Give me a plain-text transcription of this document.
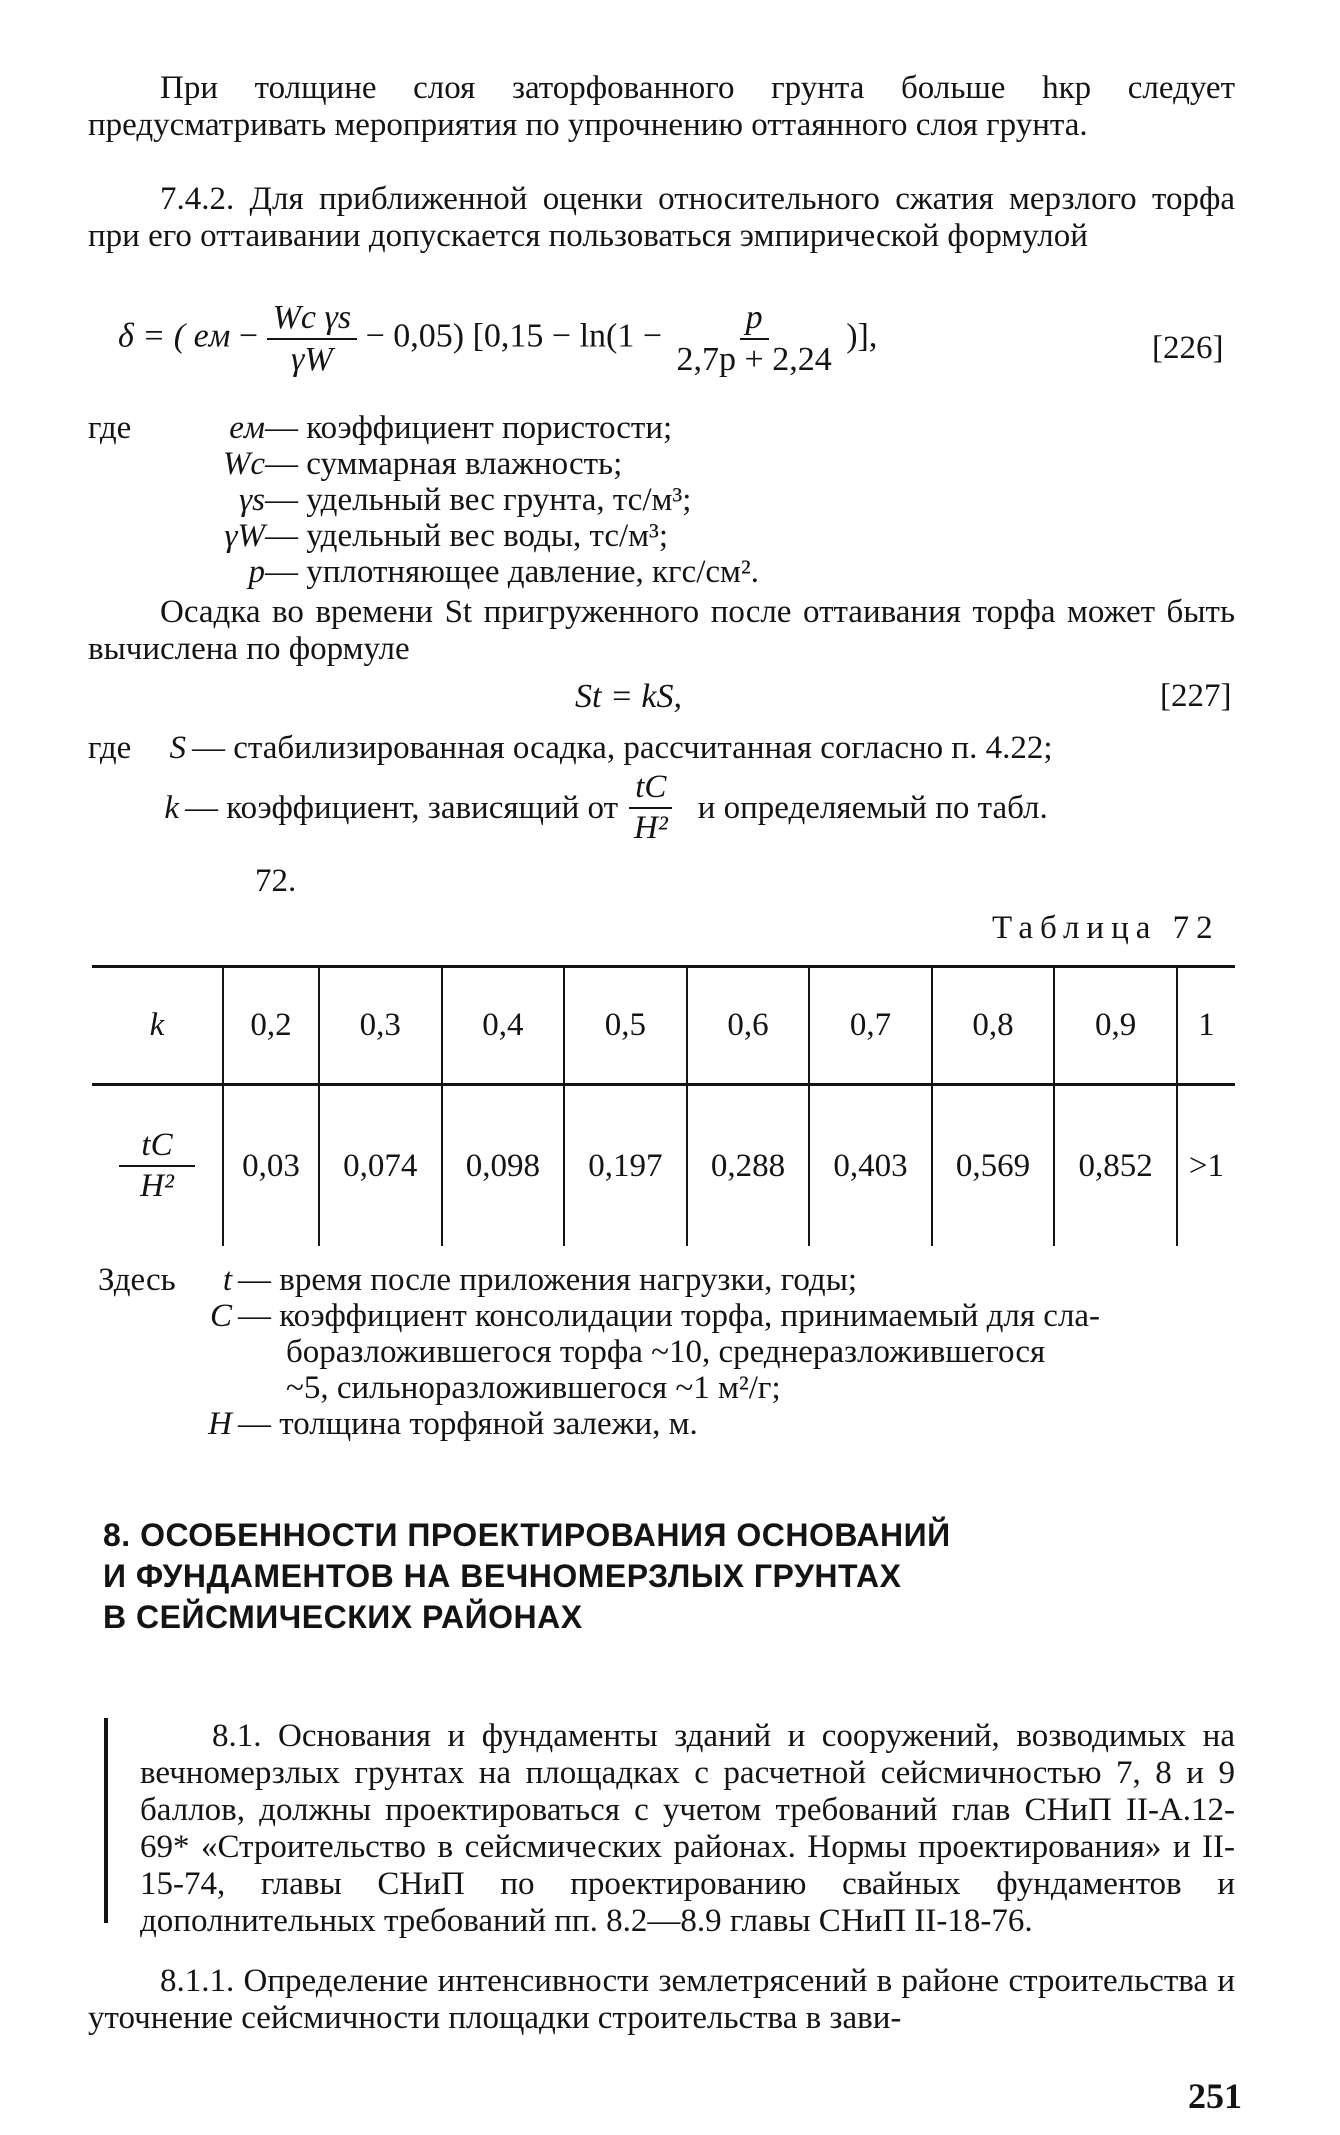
При толщине слоя заторфованного грунта больше hкр следует предусматривать мероприятия по упрочнению оттаянного слоя грунта.

7.4.2. Для приближенной оценки относительного сжатия мерзлого торфа при его оттаивании допускается пользоваться эмпирической формулой

δ = ( eм − $\frac{\text{Wc γs}}{\gamma W} - 0,05$) [$0,15 - \ln(1 - \frac{p}{2,7p + 2,24}$ )],	[226]
где	eм — коэффициент пористости;
Wc — суммарная влажность;
γs — удельный вес грунта, тс/м³;
γW — удельный вес воды, тс/м³;
p — уплотняющее давление, кгс/см².

Осадка во времени St пригруженного после оттаивания торфа может быть вычислена по формуле

St = kS,	[227]
где	S — стабилизированная осадка, рассчитанная согласно п. 4.22;
k — коэффициент, зависящий от $\frac{tC}{\text{H²}}$ и определяемый по табл.
72.
Таблица 72
k	0,2	0,3	0,4	0,5	0,6	0,7	0,8	0,9	1

$\frac{tC}{\text{H²}}$	0,03	0,074	0,098	0,197	0,288	0,403	0,569	0,852	>1
Здесь	t — время после приложения нагрузки, годы;
C — коэффициент консолидации торфа, принимаемый для сла-
боразложившегося торфа ~10, среднеразложившегося
~5, сильноразложившегося ~1 м²/г;
H — толщина торфяной залежи, м.
8. ОСОБЕННОСТИ ПРОЕКТИРОВАНИЯ ОСНОВАНИЙ
И ФУНДАМЕНТОВ НА ВЕЧНОМЕРЗЛЫХ ГРУНТАХ
В СЕЙСМИЧЕСКИХ РАЙОНАХ

8.1. Основания и фундаменты зданий и сооружений, возводимых на вечномерзлых грунтах на площадках с расчетной сейсмичностью 7, 8 и 9 баллов, должны проектироваться с учетом требований глав СНиП II-А.12-69* «Строительство в сейсмических районах. Нормы проектирования» и II-15-74, главы СНиП по проектированию свайных фундаментов и дополнительных требований пп. 8.2—8.9 главы СНиП II-18-76.

8.1.1. Определение интенсивности землетрясений в районе строительства и уточнение сейсмичности площадки строительства в зави-

251
